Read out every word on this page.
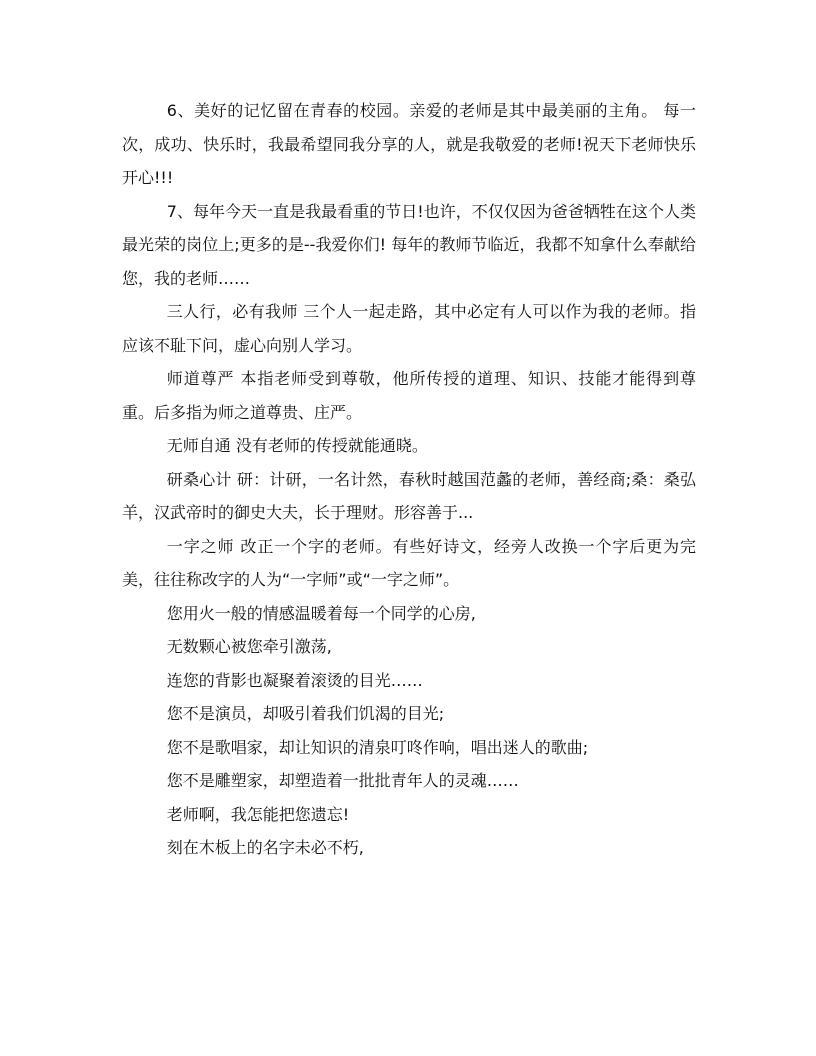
6、美好的记忆留在青春的校园。亲爱的老师是其中最美丽的主角。 每一次，成功、快乐时，我最希望同我分享的人，就是我敬爱的老师!祝天下老师快乐开心!!!

7、每年今天一直是我最看重的节日!也许，不仅仅因为爸爸牺牲在这个人类最光荣的岗位上;更多的是--我爱你们! 每年的教师节临近，我都不知拿什么奉献给您，我的老师……

三人行，必有我师 三个人一起走路，其中必定有人可以作为我的老师。指应该不耻下问，虚心向别人学习。

师道尊严 本指老师受到尊敬，他所传授的道理、知识、技能才能得到尊重。后多指为师之道尊贵、庄严。

无师自通 没有老师的传授就能通晓。

研桑心计 研：计研，一名计然，春秋时越国范蠡的老师，善经商;桑：桑弘羊，汉武帝时的御史大夫，长于理财。形容善于...

一字之师 改正一个字的老师。有些好诗文，经旁人改换一个字后更为完美，往往称改字的人为“一字师”或“一字之师”。

您用火一般的情感温暖着每一个同学的心房,

无数颗心被您牵引激荡,

连您的背影也凝聚着滚烫的目光……

您不是演员，却吸引着我们饥渴的目光;

您不是歌唱家，却让知识的清泉叮咚作响，唱出迷人的歌曲;

您不是雕塑家，却塑造着一批批青年人的灵魂……

老师啊，我怎能把您遗忘!

刻在木板上的名字未必不朽,
